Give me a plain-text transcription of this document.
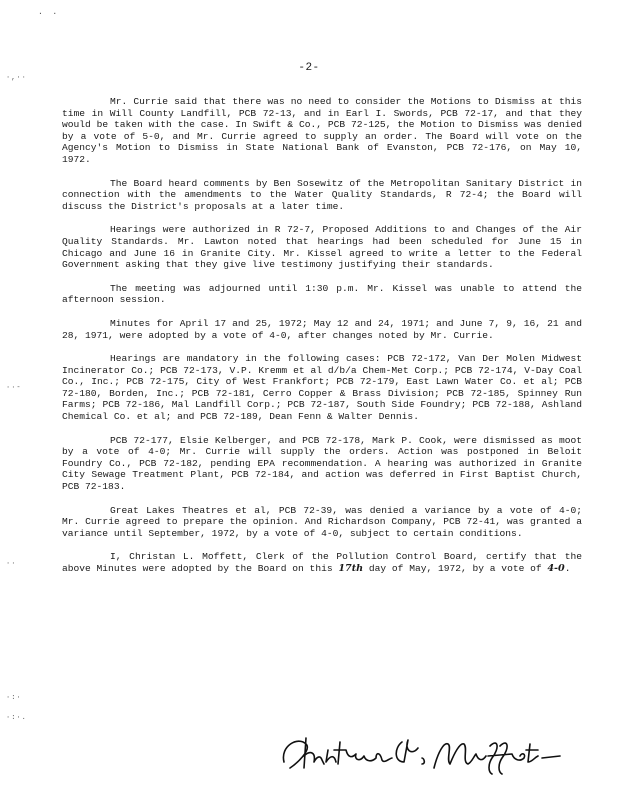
.  .
·,··
··-
··
·:·
·:·.
-2-

Mr. Currie said that there was no need to consider the Motions to Dismiss at this time in Will County Landfill, PCB 72-13, and in Earl I. Swords, PCB 72-17, and that they would be taken with the case. In Swift & Co., PCB 72-125, the Motion to Dismiss was denied by a vote of 5-0, and Mr. Currie agreed to supply an order. The Board will vote on the Agency's Motion to Dismiss in State National Bank of Evanston, PCB 72-176, on May 10, 1972.

The Board heard comments by Ben Sosewitz of the Metropolitan Sanitary District in connection with the amendments to the Water Quality Standards, R 72-4; the Board will discuss the District's proposals at a later time.

Hearings were authorized in R 72-7, Proposed Additions to and Changes of the Air Quality Standards. Mr. Lawton noted that hearings had been scheduled for June 15 in Chicago and June 16 in Granite City. Mr. Kissel agreed to write a letter to the Federal Government asking that they give live testimony justifying their standards.

The meeting was adjourned until 1:30 p.m. Mr. Kissel was unable to attend the afternoon session.

Minutes for April 17 and 25, 1972; May 12 and 24, 1971; and June 7, 9, 16, 21 and 28, 1971, were adopted by a vote of 4-0, after changes noted by Mr. Currie.

Hearings are mandatory in the following cases: PCB 72-172, Van Der Molen Midwest Incinerator Co.; PCB 72-173, V.P. Kremm et al d/b/a Chem-Met Corp.; PCB 72-174, V-Day Coal Co., Inc.; PCB 72-175, City of West Frankfort; PCB 72-179, East Lawn Water Co. et al; PCB 72-180, Borden, Inc.; PCB 72-181, Cerro Copper & Brass Division; PCB 72-185, Spinney Run Farms; PCB 72-186, Mal Landfill Corp.; PCB 72-187, South Side Foundry; PCB 72-188, Ashland Chemical Co. et al; and PCB 72-189, Dean Fenn & Walter Dennis.

PCB 72-177, Elsie Kelberger, and PCB 72-178, Mark P. Cook, were dismissed as moot by a vote of 4-0; Mr. Currie will supply the orders. Action was postponed in Beloit Foundry Co., PCB 72-182, pending EPA recommendation. A hearing was authorized in Granite City Sewage Treatment Plant, PCB 72-184, and action was deferred in First Baptist Church, PCB 72-183.

Great Lakes Theatres et al, PCB 72-39, was denied a variance by a vote of 4-0; Mr. Currie agreed to prepare the opinion. And Richardson Company, PCB 72-41, was granted a variance until September, 1972, by a vote of 4-0, subject to certain conditions.

I, Christan L. Moffett, Clerk of the Pollution Control Board, certify that the above Minutes were adopted by the Board on this 17th day of May, 1972, by a vote of 4-0.
